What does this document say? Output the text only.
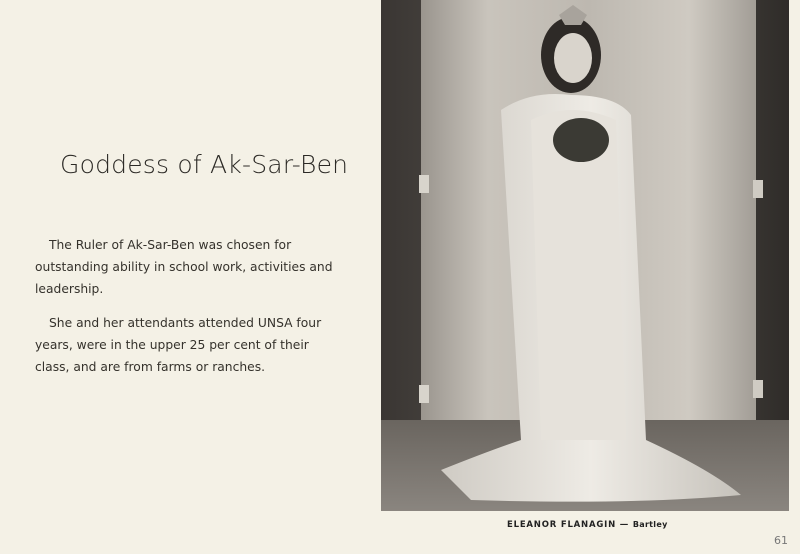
Goddess of Ak-Sar-Ben
The Ruler of Ak-Sar-Ben was chosen for outstanding ability in school work, activities and leadership.
She and her attendants attended UNSA four years, were in the upper 25 per cent of their class, and are from farms or ranches.
ELEANOR FLANAGIN — Bartley
61
